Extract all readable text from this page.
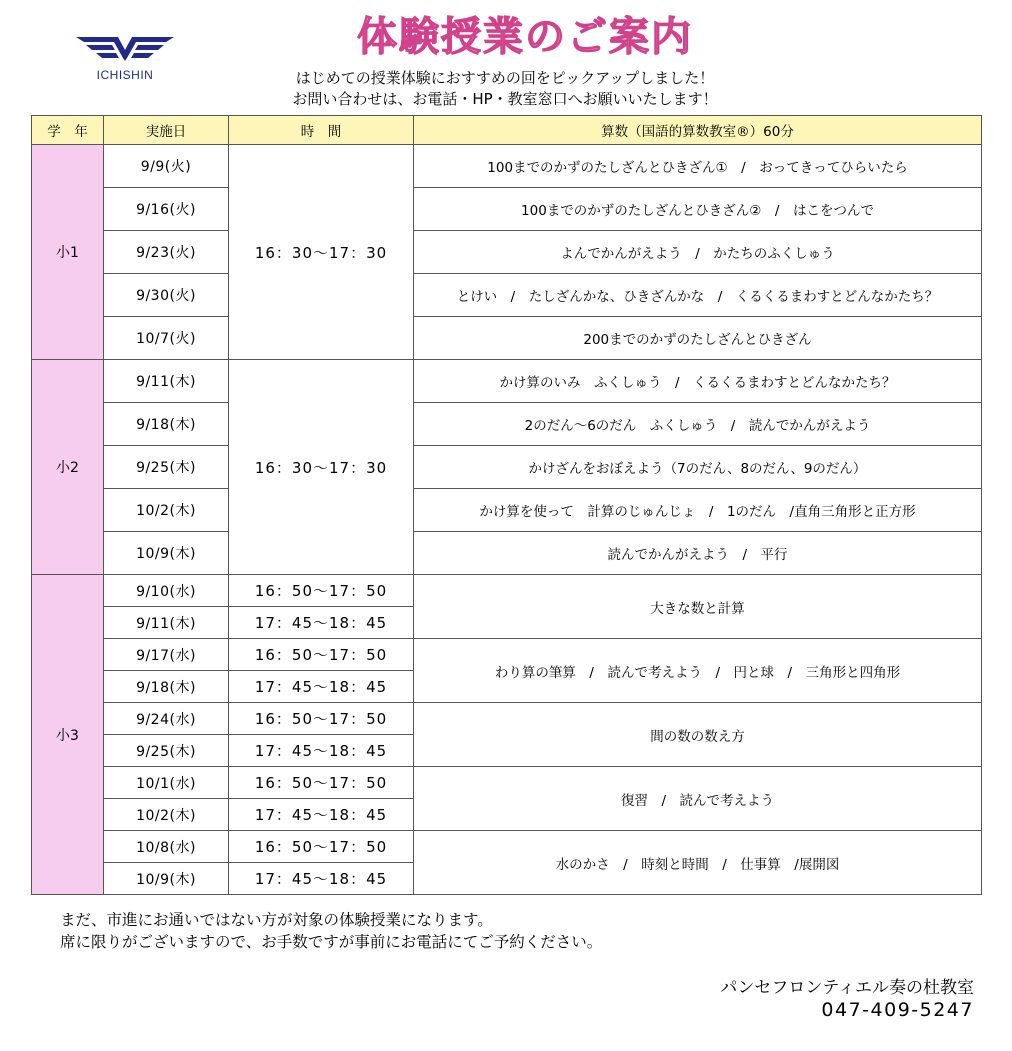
ICHISHIN
体験授業のご案内
はじめての授業体験におすすめの回をピックアップしました！
お問い合わせは、お電話・HP・教室窓口へお願いいたします！
学　年	実施日	時　間	算数（国語的算数教室®）60分
小1	9/9(火)	16：30〜17：30	100までのかずのたしざんとひきざん①　/　おってきってひらいたら
	9/16(火)		100までのかずのたしざんとひきざん②　/　はこをつんで
	9/23(火)		よんでかんがえよう　/　かたちのふくしゅう
	9/30(火)		とけい　/　たしざんかな、ひきざんかな　/　くるくるまわすとどんなかたち？
	10/7(火)		200までのかずのたしざんとひきざん
小2	9/11(木)	16：30〜17：30	かけ算のいみ　ふくしゅう　/　くるくるまわすとどんなかたち？
	9/18(木)		2のだん〜6のだん　ふくしゅう　/　読んでかんがえよう
	9/25(木)		かけざんをおぼえよう（7のだん、8のだん、9のだん）
	10/2(木)		かけ算を使って　計算のじゅんじょ　/　1のだん　/直角三角形と正方形
	10/9(木)		読んでかんがえよう　/　平行
小3	9/10(水)	16：50〜17：50	大きな数と計算
	9/11(木)	17：45〜18：45	
	9/17(水)	16：50〜17：50	わり算の筆算　/　読んで考えよう　/　円と球　/　三角形と四角形
	9/18(木)	17：45〜18：45	
	9/24(水)	16：50〜17：50	間の数の数え方
	9/25(木)	17：45〜18：45	
	10/1(水)	16：50〜17：50	復習　/　読んで考えよう
	10/2(木)	17：45〜18：45	
	10/8(水)	16：50〜17：50	水のかさ　/　時刻と時間　/　仕事算　/展開図
	10/9(木)	17：45〜18：45	
まだ、市進にお通いではない方が対象の体験授業になります。
席に限りがございますので、お手数ですが事前にお電話にてご予約ください。
パンセフロンティエル奏の杜教室
047-409-5247
